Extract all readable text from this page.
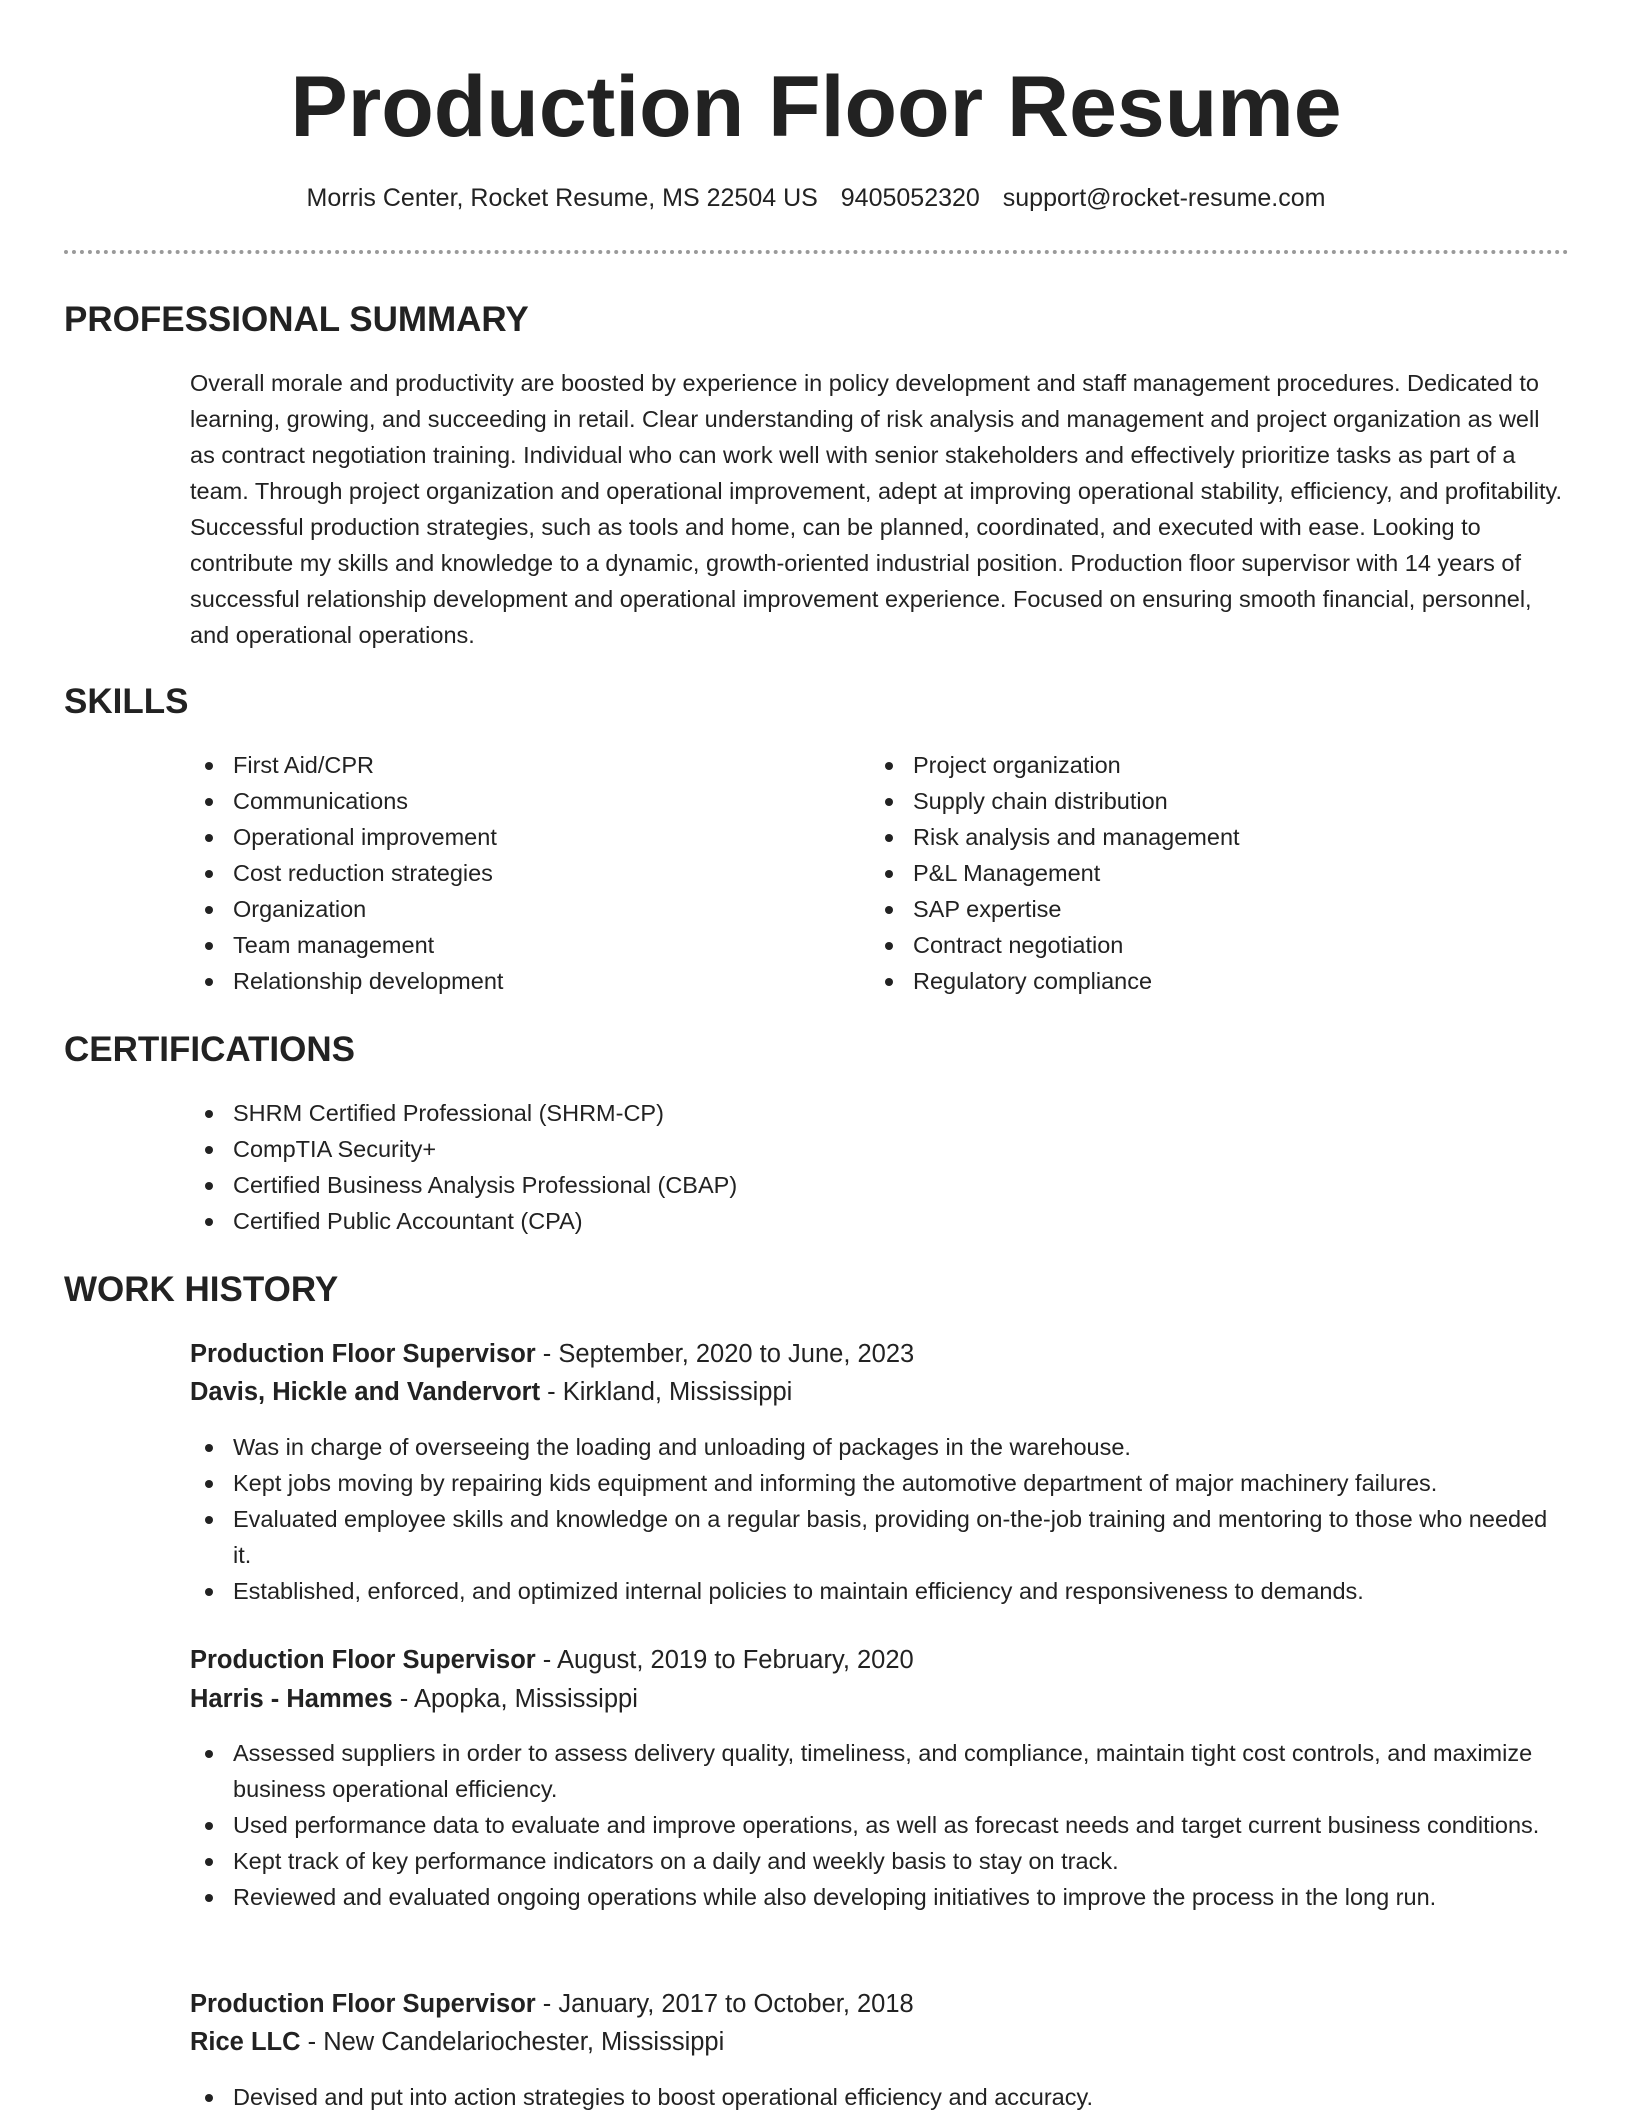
Production Floor Resume
Morris Center, Rocket Resume, MS 22504 US 9405052320 support@rocket-resume.com
PROFESSIONAL SUMMARY

Overall morale and productivity are boosted by experience in policy development and staff management procedures. Dedicated to learning, growing, and succeeding in retail. Clear understanding of risk analysis and management and project organization as well as contract negotiation training. Individual who can work well with senior stakeholders and effectively prioritize tasks as part of a team. Through project organization and operational improvement, adept at improving operational stability, efficiency, and profitability. Successful production strategies, such as tools and home, can be planned, coordinated, and executed with ease. Looking to contribute my skills and knowledge to a dynamic, growth-oriented industrial position. Production floor supervisor with 14 years of successful relationship development and operational improvement experience. Focused on ensuring smooth financial, personnel, and operational operations.

SKILLS
First Aid/CPR
Communications
Operational improvement
Cost reduction strategies
Organization
Team management
Relationship development
Project organization
Supply chain distribution
Risk analysis and management
P&L Management
SAP expertise
Contract negotiation
Regulatory compliance
CERTIFICATIONS
SHRM Certified Professional (SHRM-CP)
CompTIA Security+
Certified Business Analysis Professional (CBAP)
Certified Public Accountant (CPA)
WORK HISTORY
Production Floor Supervisor - September, 2020 to June, 2023
Davis, Hickle and Vandervort - Kirkland, Mississippi
Was in charge of overseeing the loading and unloading of packages in the warehouse.
Kept jobs moving by repairing kids equipment and informing the automotive department of major machinery failures.
Evaluated employee skills and knowledge on a regular basis, providing on-the-job training and mentoring to those who needed it.
Established, enforced, and optimized internal policies to maintain efficiency and responsiveness to demands.
Production Floor Supervisor - August, 2019 to February, 2020
Harris - Hammes - Apopka, Mississippi
Assessed suppliers in order to assess delivery quality, timeliness, and compliance, maintain tight cost controls, and maximize business operational efficiency.
Used performance data to evaluate and improve operations, as well as forecast needs and target current business conditions.
Kept track of key performance indicators on a daily and weekly basis to stay on track.
Reviewed and evaluated ongoing operations while also developing initiatives to improve the process in the long run.
Production Floor Supervisor - January, 2017 to October, 2018
Rice LLC - New Candelariochester, Mississippi
Devised and put into action strategies to boost operational efficiency and accuracy.
